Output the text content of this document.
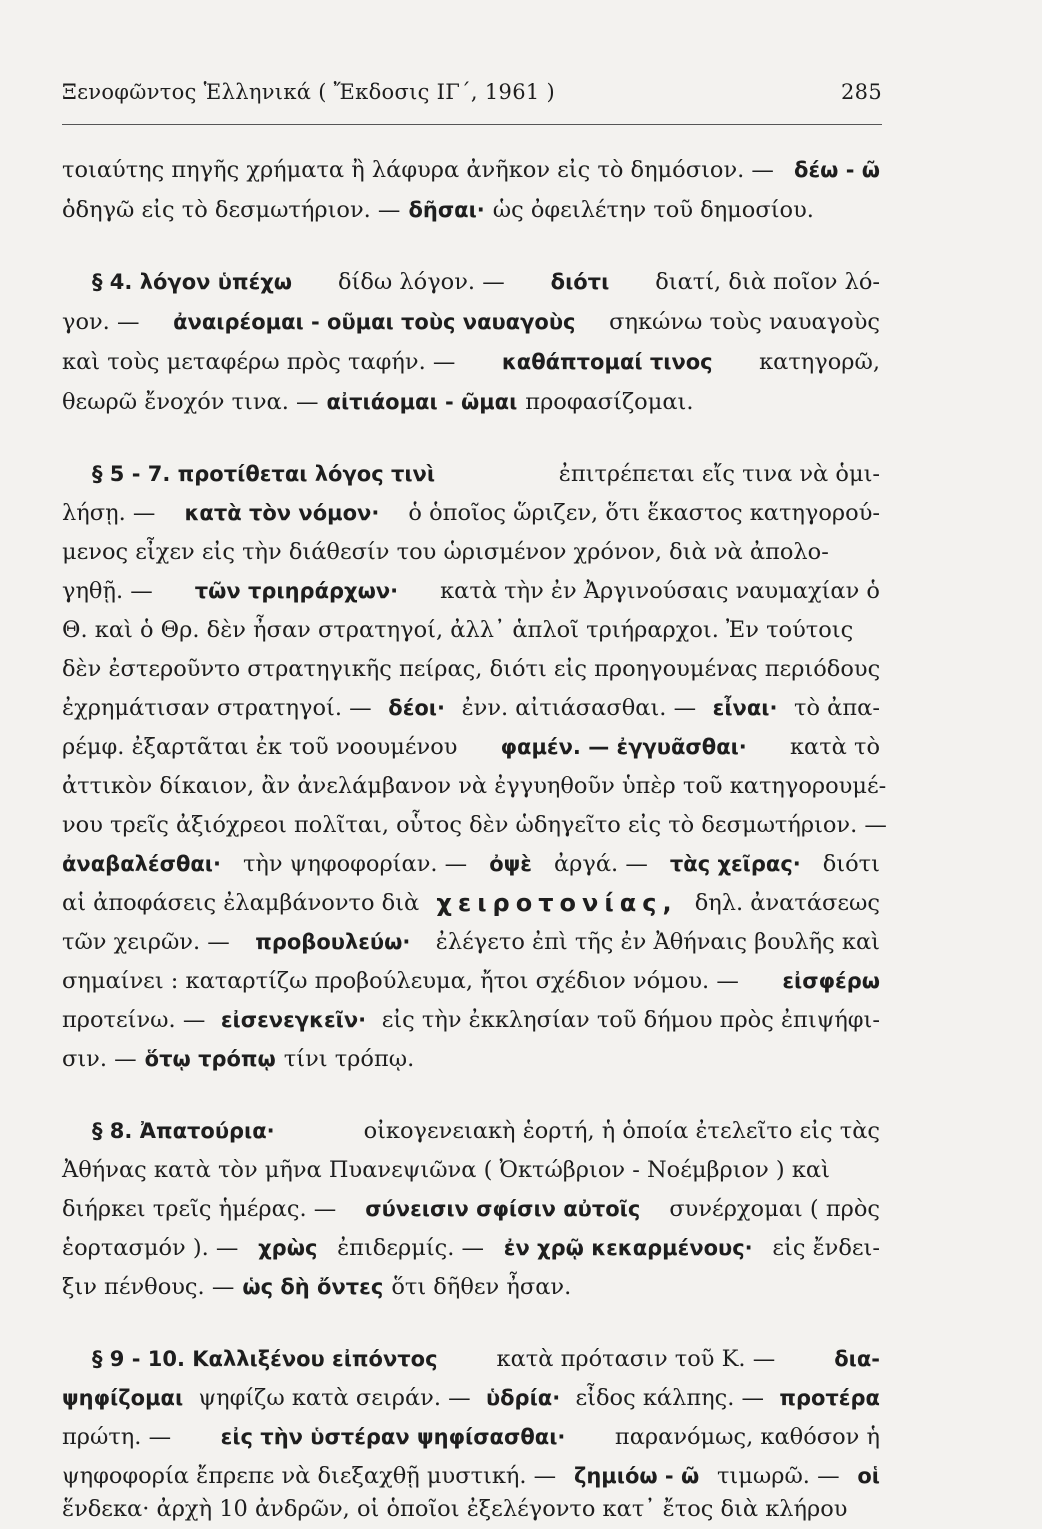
Ξενοφῶντος Ἑλληνικά ( Ἔκδοσις ΙΓ΄, 1961 )	285
τοιαύτης πηγῆς χρήματα ἢ λάφυρα ἀνῆκον εἰς τὸ δημόσιον. — δέω - ῶ
ὁδηγῶ εἰς τὸ δεσμωτήριον. — δῆσαι· ὡς ὀφειλέτην τοῦ δημοσίου.
§ 4. λόγον ὑπέχω δίδω λόγον. — διότι διατί, διὰ ποῖον λό-
γον. — ἀναιρέομαι - οῦμαι τοὺς ναυαγοὺς σηκώνω τοὺς ναυαγοὺς
καὶ τοὺς μεταφέρω πρὸς ταφήν. — καθάπτομαί τινος κατηγορῶ,
θεωρῶ ἔνοχόν τινα. — αἰτιάομαι - ῶμαι προφασίζομαι.
§ 5 - 7. προτίθεται λόγος τινὶ	ἐπιτρέπεται εἴς τινα νὰ ὁμι-
λήσῃ. — κατὰ τὸν νόμον· ὁ ὁποῖος ὥριζεν, ὅτι ἕκαστος κατηγορού-
μενος εἶχεν εἰς τὴν διάθεσίν του ὡρισμένον χρόνον, διὰ νὰ ἀπολο-
γηθῇ. — τῶν τριηράρχων· κατὰ τὴν ἐν Ἀργινούσαις ναυμαχίαν ὁ
Θ. καὶ ὁ Θρ. δὲν ἦσαν στρατηγοί, ἀλλ᾽ ἁπλοῖ τριήραρχοι. Ἐν τούτοις
δὲν ἐστεροῦντο στρατηγικῆς πείρας, διότι εἰς προηγουμένας περιόδους
ἐχρημάτισαν στρατηγοί. — δέοι· ἐνν. αἰτιάσασθαι. — εἶναι· τὸ ἀπα-
ρέμφ. ἐξαρτᾶται ἐκ τοῦ νοουμένου φαμέν. — ἐγγυᾶσθαι· κατὰ τὸ
ἀττικὸν δίκαιον, ἂν ἀνελάμβανον νὰ ἐγγυηθοῦν ὑπὲρ τοῦ κατηγορουμέ-
νου τρεῖς ἀξιόχρεοι πολῖται, οὗτος δὲν ὡδηγεῖτο εἰς τὸ δεσμωτήριον. —
ἀναβαλέσθαι· τὴν ψηφοφορίαν. — ὀψὲ ἀργά. — τὰς χεῖρας· διότι
αἱ ἀποφάσεις ἐλαμβάνοντο διὰ χειροτονίας, δηλ. ἀνατάσεως
τῶν χειρῶν. — προβουλεύω· ἐλέγετο ἐπὶ τῆς ἐν Ἀθήναις βουλῆς καὶ
σημαίνει : καταρτίζω προβούλευμα, ἤτοι σχέδιον νόμου. — εἰσφέρω
προτείνω. — εἰσενεγκεῖν· εἰς τὴν ἐκκλησίαν τοῦ δήμου πρὸς ἐπιψήφι-
σιν. — ὅτῳ τρόπῳ τίνι τρόπῳ.
§ 8. Ἀπατούρια·	οἰκογενειακὴ ἑορτή, ἡ ὁποία ἐτελεῖτο εἰς τὰς
Ἀθήνας κατὰ τὸν μῆνα Πυανεψιῶνα ( Ὀκτώβριον - Νοέμβριον ) καὶ
διήρκει τρεῖς ἡμέρας. — σύνεισιν σφίσιν αὐτοῖς συνέρχομαι ( πρὸς
ἑορτασμόν ). — χρὼς ἐπιδερμίς. — ἐν χρῷ κεκαρμένους· εἰς ἔνδει-
ξιν πένθους. — ὡς δὴ ὄντες ὅτι δῆθεν ἦσαν.
§ 9 - 10. Καλλιξένου εἰπόντος	κατὰ πρότασιν τοῦ Κ. —	δια-
ψηφίζομαι ψηφίζω κατὰ σειράν. — ὑδρία· εἶδος κάλπης. — προτέρα
πρώτη. — εἰς τὴν ὑστέραν ψηφίσασθαι· παρανόμως, καθόσον ἡ
ψηφοφορία ἔπρεπε νὰ διεξαχθῇ μυστική. — ζημιόω - ῶ τιμωρῶ. — οἱ
ἕνδεκα· ἀρχὴ 10 ἀνδρῶν, οἱ ὁποῖοι ἐξελέγοντο κατ᾽ ἔτος διὰ κλήρου
